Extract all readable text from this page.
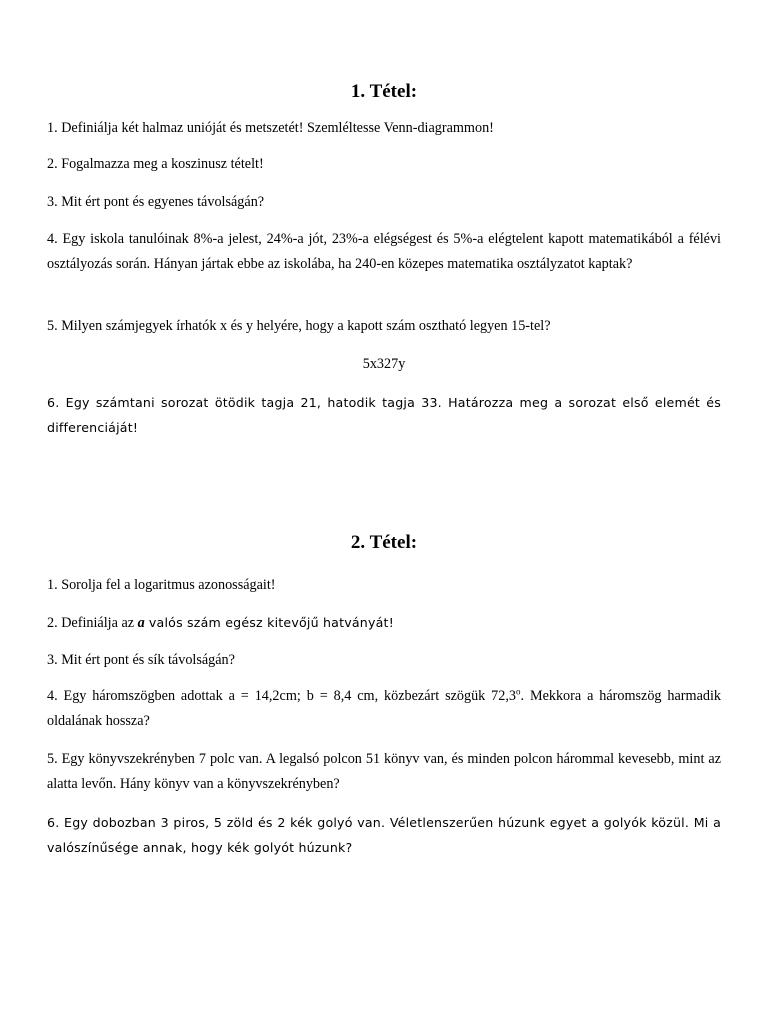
1. Tétel:

1. Definiálja két halmaz unióját és metszetét! Szemléltesse Venn-diagrammon!

2. Fogalmazza meg a koszinusz tételt!

3. Mit ért pont és egyenes távolságán?

4. Egy iskola tanulóinak 8%-a jelest, 24%-a jót, 23%-a elégségest és 5%-a elégtelent kapott matematikából a félévi osztályozás során. Hányan jártak ebbe az iskolába, ha 240-en közepes matematika osztályzatot kaptak?

5. Milyen számjegyek írhatók x és y helyére, hogy a kapott szám osztható legyen 15-tel?

5x327y

6. Egy számtani sorozat ötödik tagja 21, hatodik tagja 33. Határozza meg a sorozat első elemét és differenciáját!

2. Tétel:

1. Sorolja fel a logaritmus azonosságait!

2. Definiálja az a valós szám egész kitevőjű hatványát!

3. Mit ért pont és sík távolságán?

4. Egy háromszögben adottak a = 14,2cm; b = 8,4 cm, közbezárt szögük 72,3$^o$. Mekkora a háromszög harmadik oldalának hossza?

5. Egy könyvszekrényben 7 polc van. A legalsó polcon 51 könyv van, és minden polcon hárommal kevesebb, mint az alatta levőn. Hány könyv van a könyvszekrényben?

6. Egy dobozban 3 piros, 5 zöld és 2 kék golyó van. Véletlenszerűen húzunk egyet a golyók közül. Mi a valószínűsége annak, hogy kék golyót húzunk?
